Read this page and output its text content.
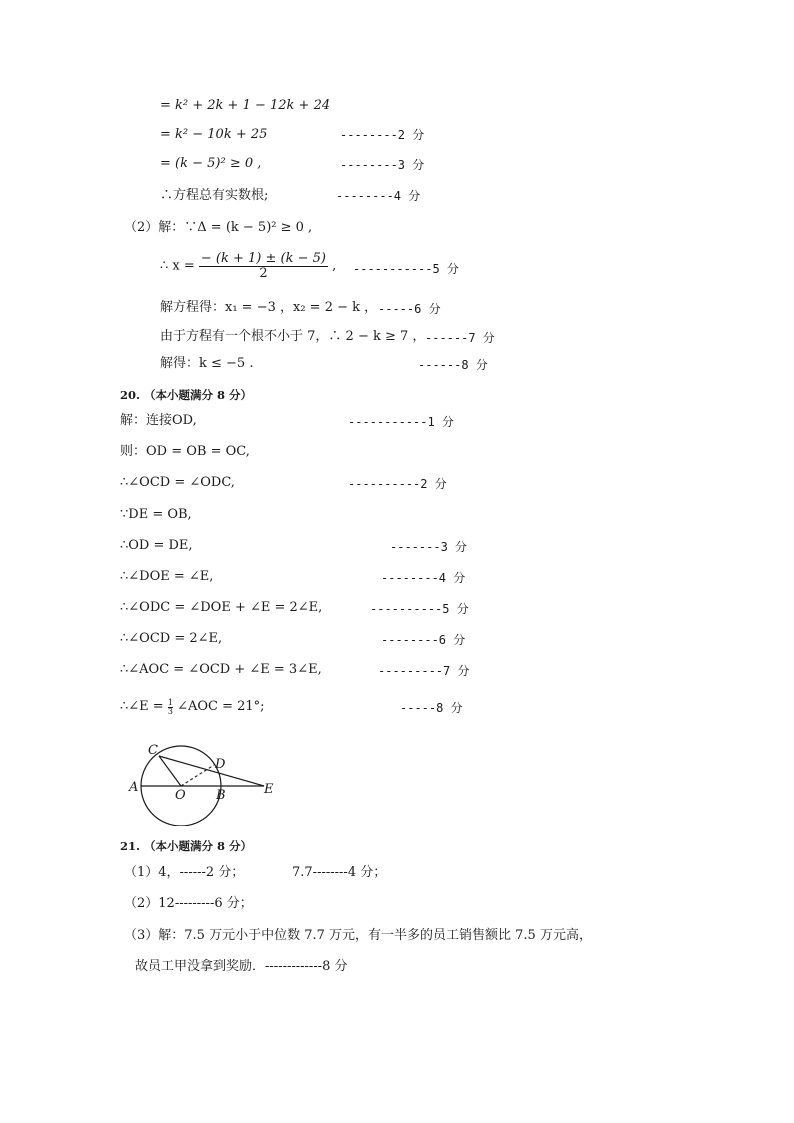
= k² + 2k + 1 − 12k + 24
= k² − 10k + 25	--------2 分
= (k − 5)² ≥ 0 ,	--------3 分
∴方程总有实数根;	--------4 分
（2）解：∵Δ = (k − 5)² ≥ 0 ,
∴ $x = \frac{- (k + 1) \pm (k - 5)}{2}$ , -----------5 分
解方程得：x₁ = −3 ，x₂ = 2 − k ， -----6 分
由于方程有一个根不小于 7，∴ 2 − k ≥ 7 ， ------7 分
解得：k ≤ −5 .	------8 分
20. （本小题满分 8 分）
解：连接OD,	-----------1 分
则：OD = OB = OC,
∴∠OCD = ∠ODC,	----------2 分
∵DE = OB,
∴OD = DE,	-------3 分
∴∠DOE = ∠E,	--------4 分
∴∠ODC = ∠DOE + ∠E = 2∠E,	----------5 分
∴∠OCD = 2∠E,	--------6 分
∴∠AOC = ∠OCD + ∠E = 3∠E,	---------7 分
∴∠E = $\frac{1}{3}$ ∠AOC = 21°;	-----8 分
C
D
A
O B	E
21. （本小题满分 8 分）
（1）4，------2 分；	7.7--------4 分；
（2）12---------6 分；
（3）解：7.5 万元小于中位数 7.7 万元，有一半多的员工销售额比 7.5 万元高，
故员工甲没拿到奖励．-------------8 分
